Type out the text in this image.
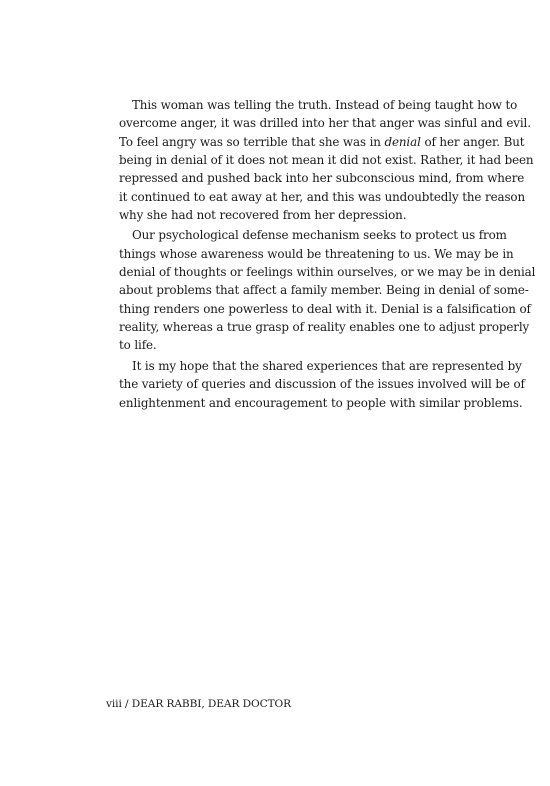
This woman was telling the truth. Instead of being taught how to
overcome anger, it was drilled into her that anger was sinful and evil.
To feel angry was so terrible that she was in denial of her anger. But
being in denial of it does not mean it did not exist. Rather, it had been
repressed and pushed back into her subconscious mind, from where
it continued to eat away at her, and this was undoubtedly the reason
why she had not recovered from her depression.
Our psychological defense mechanism seeks to protect us from
things whose awareness would be threatening to us. We may be in
denial of thoughts or feelings within ourselves, or we may be in denial
about problems that affect a family member. Being in denial of some-
thing renders one powerless to deal with it. Denial is a falsification of
reality, whereas a true grasp of reality enables one to adjust properly
to life.
It is my hope that the shared experiences that are represented by
the variety of queries and discussion of the issues involved will be of
enlightenment and encouragement to people with similar problems.
viii / DEAR RABBI, DEAR DOCTOR
